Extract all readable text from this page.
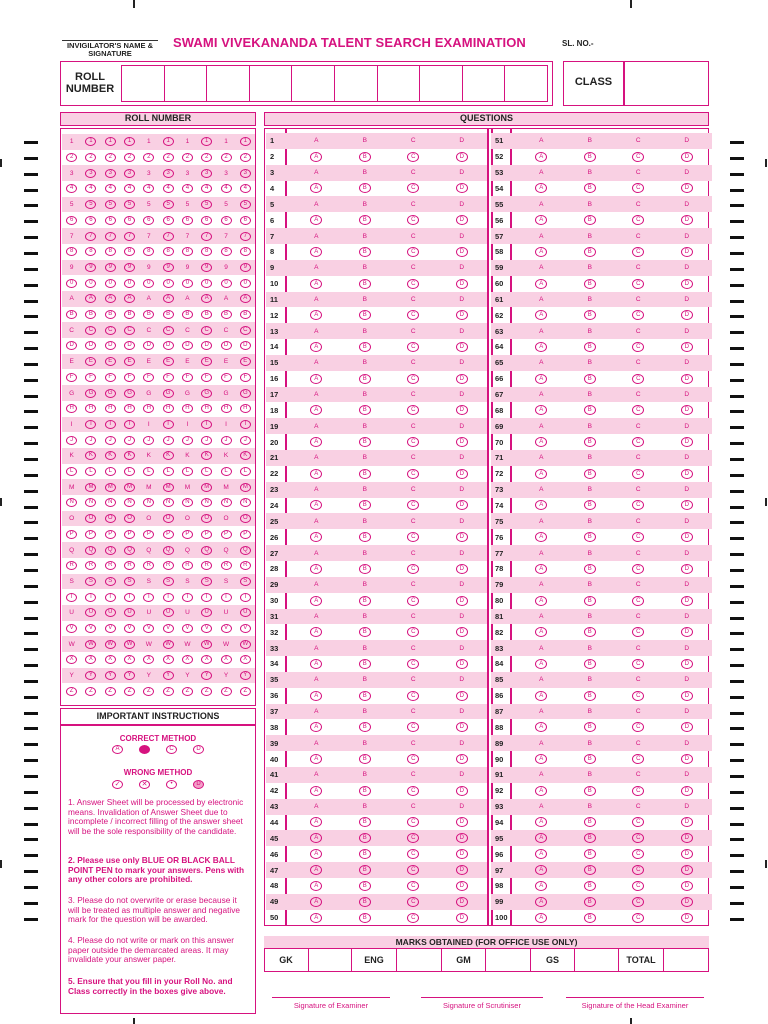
INVIGILATOR'S NAME & SIGNATURE
SWAMI VIVEKANANDA TALENT SEARCH EXAMINATION	SL. NO.-
ROLL NUMBER
CLASS
ROLL NUMBER	QUESTIONS
1	1	1	1	1	1	1	1	1	1
2	2	2	2	2	2	2	2	2	2
3	3	3	3	3	3	3	3	3	3
4	4	4	4	4	4	4	4	4	4
5	5	5	5	5	5	5	5	5	5
6	6	6	6	6	6	6	6	6	6
7	7	7	7	7	7	7	7	7	7
8	8	8	8	8	8	8	8	8	8
9	9	9	9	9	9	9	9	9	9
0	0	0	0	0	0	0	0	0	0
A	A	A	A	A	A	A	A	A	A
B	B	B	B	B	B	B	B	B	B
C	C	C	C	C	C	C	C	C	C
D	D	D	D	D	D	D	D	D	D
E	E	E	E	E	E	E	E	E	E
F	F	F	F	F	F	F	F	F	F
G	G	G	G	G	G	G	G	G	G
H	H	H	H	H	H	H	H	H	H
I	I	I	I	I	I	I	I	I	I
J	J	J	J	J	J	J	J	J	J
K	K	K	K	K	K	K	K	K	K
L	L	L	L	L	L	L	L	L	L
M	M	M	M	M	M	M	M	M	M
N	N	N	N	N	N	N	N	N	N
O	O	O	O	O	O	O	O	O	O
P	P	P	P	P	P	P	P	P	P
Q	Q	Q	Q	Q	Q	Q	Q	Q	Q
R	R	R	R	R	R	R	R	R	R
S	S	S	S	S	S	S	S	S	S
T	T	T	T	T	T	T	T	T	T
U	U	U	U	U	U	U	U	U	U
V	V	V	V	V	V	V	V	V	V
W	W	W	W	W	W	W	W	W	W
X	X	X	X	X	X	X	X	X	X
Y	Y	Y	Y	Y	Y	Y	Y	Y	Y
Z	Z	Z	Z	Z	Z	Z	Z	Z	Z
1	A	B	C	D
2	A	B	C	D
3	A	B	C	D
4	A	B	C	D
5	A	B	C	D
6	A	B	C	D
7	A	B	C	D
8	A	B	C	D
9	A	B	C	D
10	A	B	C	D
11	A	B	C	D
12	A	B	C	D
13	A	B	C	D
14	A	B	C	D
15	A	B	C	D
16	A	B	C	D
17	A	B	C	D
18	A	B	C	D
19	A	B	C	D
20	A	B	C	D
21	A	B	C	D
22	A	B	C	D
23	A	B	C	D
24	A	B	C	D
25	A	B	C	D
26	A	B	C	D
27	A	B	C	D
28	A	B	C	D
29	A	B	C	D
30	A	B	C	D
31	A	B	C	D
32	A	B	C	D
33	A	B	C	D
34	A	B	C	D
35	A	B	C	D
36	A	B	C	D
37	A	B	C	D
38	A	B	C	D
39	A	B	C	D
40	A	B	C	D
41	A	B	C	D
42	A	B	C	D
43	A	B	C	D
44	A	B	C	D
45	A	B	C	D
46	A	B	C	D
47	A	B	C	D
48	A	B	C	D
49	A	B	C	D
50	A	B	C	D
51	A	B	C	D
52	A	B	C	D
53	A	B	C	D
54	A	B	C	D
55	A	B	C	D
56	A	B	C	D
57	A	B	C	D
58	A	B	C	D
59	A	B	C	D
60	A	B	C	D
61	A	B	C	D
62	A	B	C	D
63	A	B	C	D
64	A	B	C	D
65	A	B	C	D
66	A	B	C	D
67	A	B	C	D
68	A	B	C	D
69	A	B	C	D
70	A	B	C	D
71	A	B	C	D
72	A	B	C	D
73	A	B	C	D
74	A	B	C	D
75	A	B	C	D
76	A	B	C	D
77	A	B	C	D
78	A	B	C	D
79	A	B	C	D
80	A	B	C	D
81	A	B	C	D
82	A	B	C	D
83	A	B	C	D
84	A	B	C	D
85	A	B	C	D
86	A	B	C	D
87	A	B	C	D
88	A	B	C	D
89	A	B	C	D
90	A	B	C	D
91	A	B	C	D
92	A	B	C	D
93	A	B	C	D
94	A	B	C	D
95	A	B	C	D
96	A	B	C	D
97	A	B	C	D
98	A	B	C	D
99	A	B	C	D
100	A	B	C	D
IMPORTANT INSTRUCTIONS
CORRECT METHOD
A	C	D
WRONG METHOD
✓	✕	•	D
1. Answer Sheet will be processed by electronic means. Invalidation of Answer Sheet due to incomplete / incorrect filling of the answer sheet will be the sole responsibility of the candidate.
2. Please use only BLUE OR BLACK BALL POINT PEN to mark your answers. Pens with any other colors are prohibited.
3. Please do not overwrite or erase because it will be treated as multiple answer and negative mark for the question will be awarded.
4. Please do not write or mark on this answer paper outside the demarcated areas. It may invalidate your answer paper.
5. Ensure that you fill in your Roll No. and Class correctly in the boxes give above.
MARKS OBTAINED (FOR OFFICE USE ONLY)
GK	ENG	GM	GS	TOTAL
Signature of Examiner	Signature of Scrutiniser	Signature of the Head Examiner
